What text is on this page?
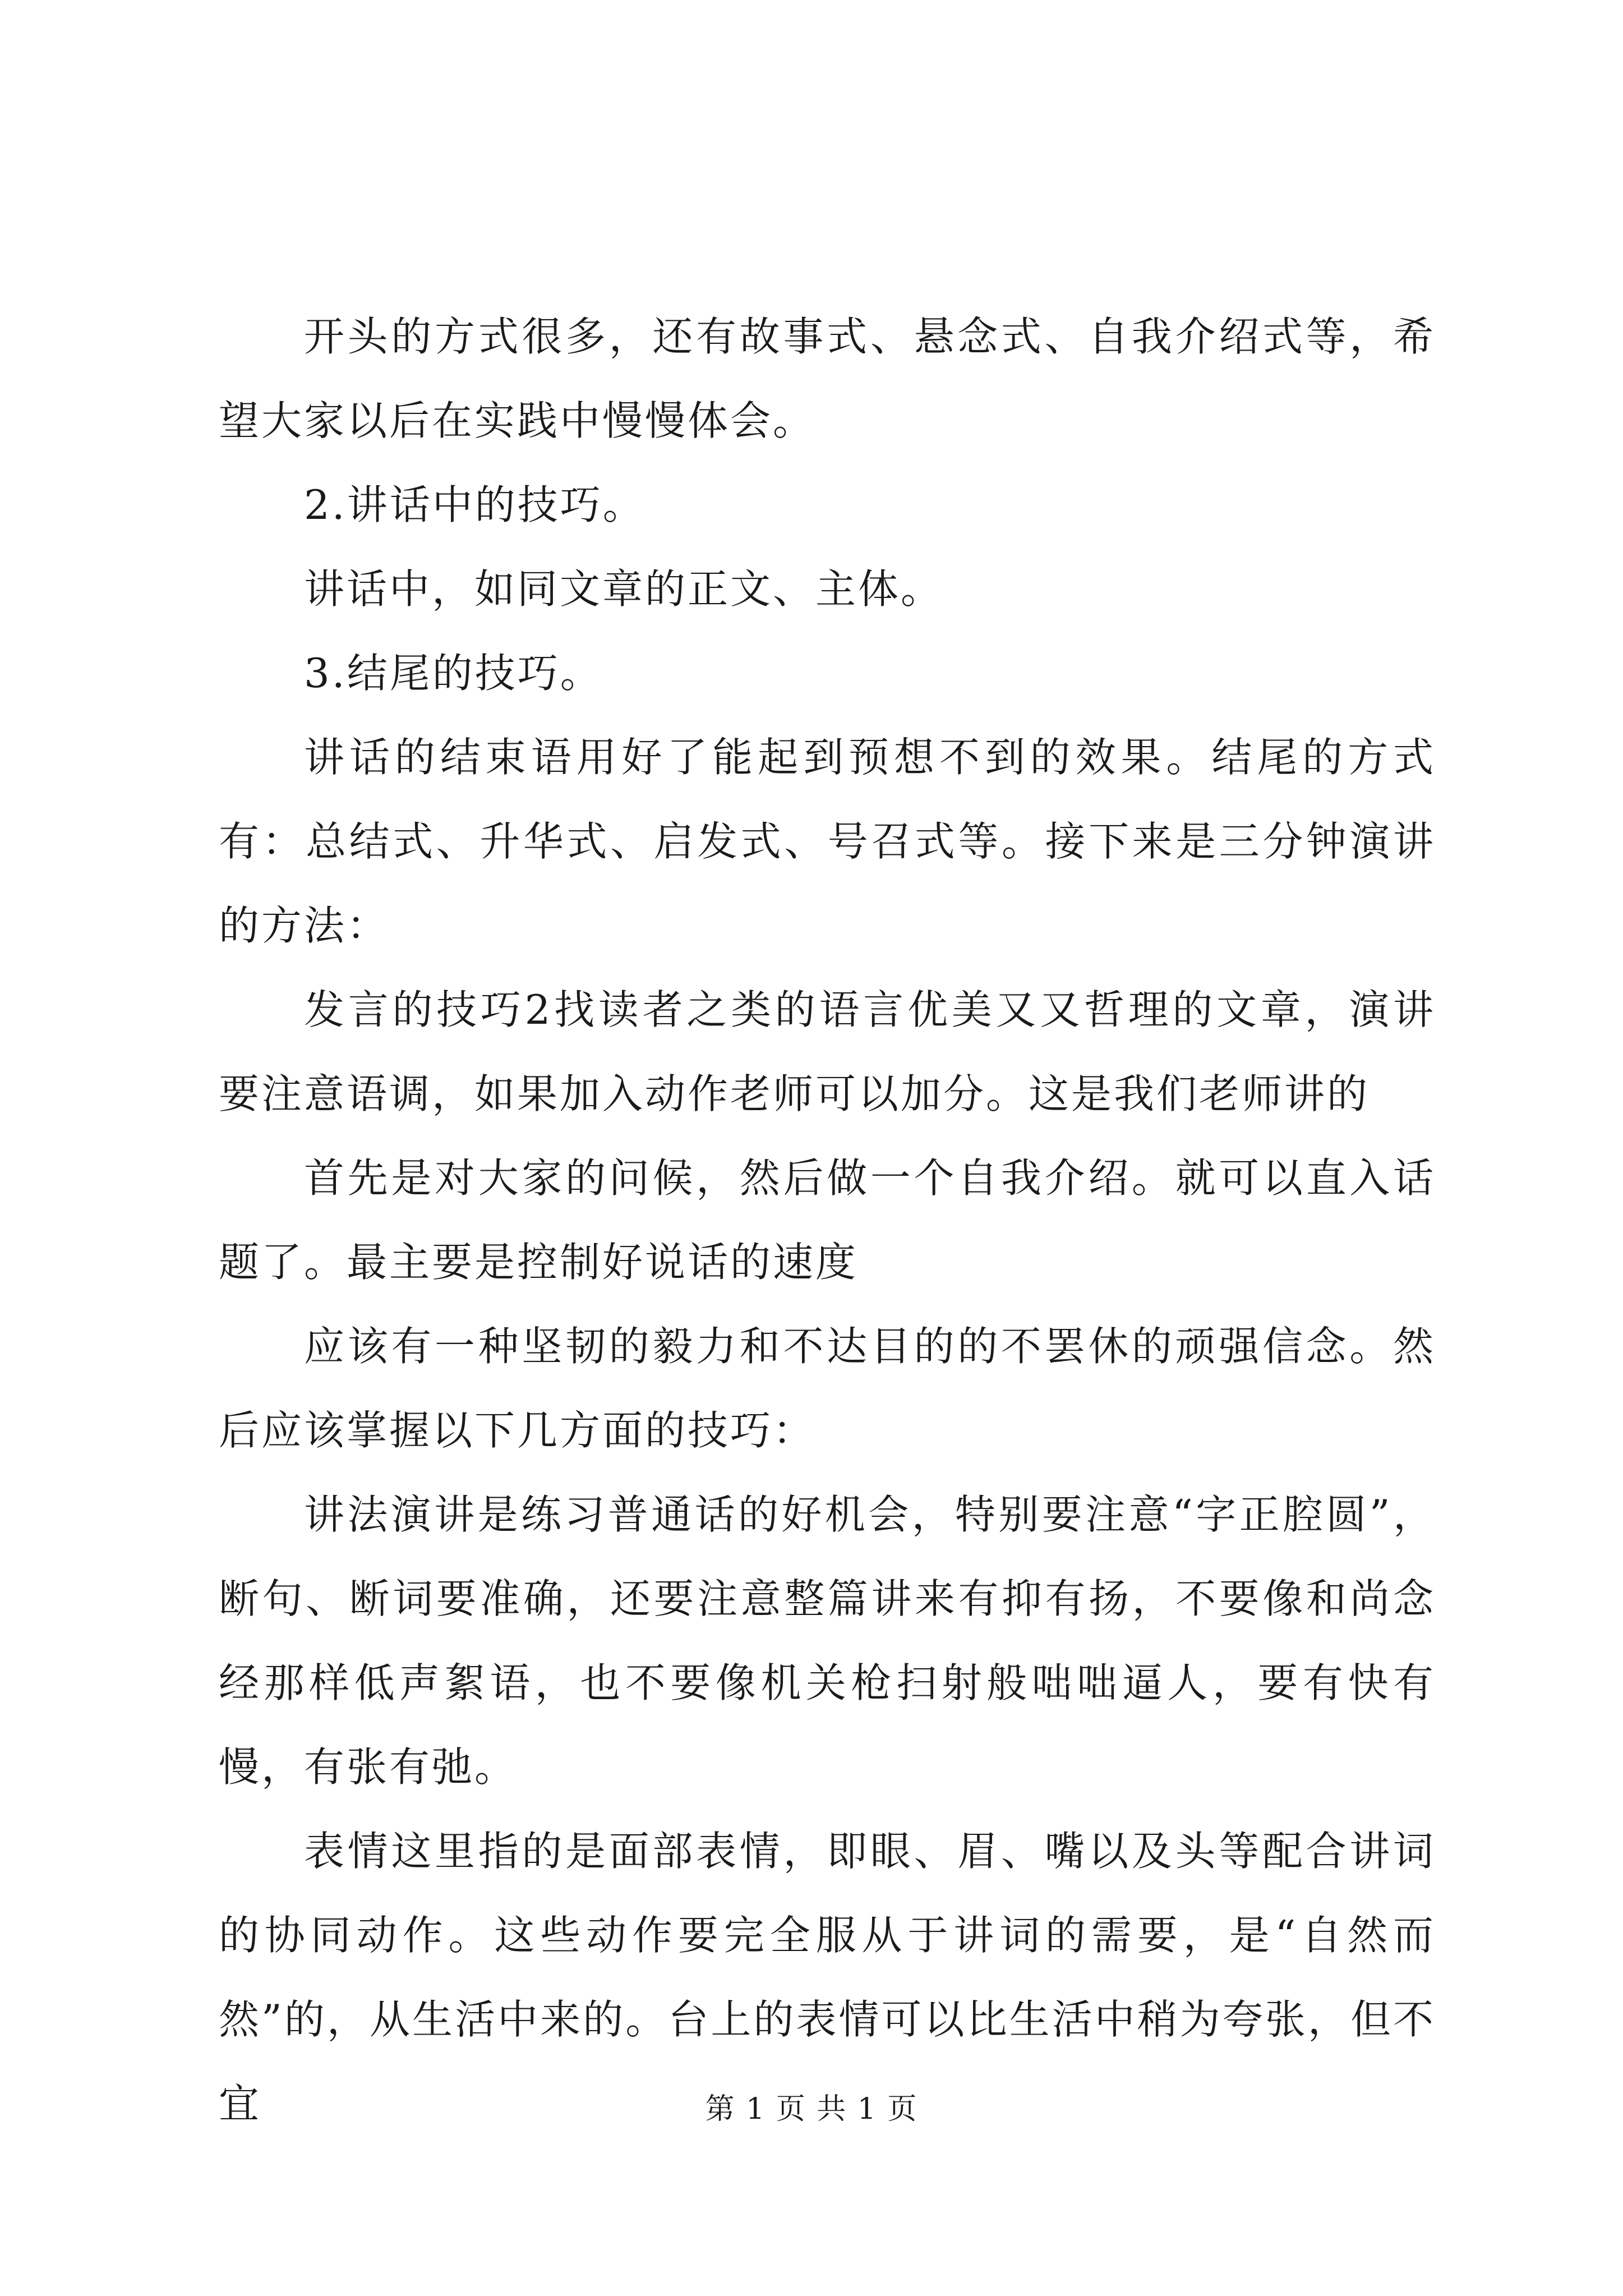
开头的方式很多，还有故事式、悬念式、自我介绍式等，希望大家以后在实践中慢慢体会。

2.讲话中的技巧。

讲话中，如同文章的正文、主体。

3.结尾的技巧。

讲话的结束语用好了能起到预想不到的效果。结尾的方式有：总结式、升华式、启发式、号召式等。接下来是三分钟演讲的方法：

发言的技巧2找读者之类的语言优美又又哲理的文章，演讲要注意语调，如果加入动作老师可以加分。这是我们老师讲的

首先是对大家的问候，然后做一个自我介绍。就可以直入话题了。最主要是控制好说话的速度

应该有一种坚韧的毅力和不达目的的不罢休的顽强信念。然后应该掌握以下几方面的技巧：

讲法演讲是练习普通话的好机会，特别要注意“字正腔圆”，断句、断词要准确，还要注意整篇讲来有抑有扬，不要像和尚念经那样低声絮语，也不要像机关枪扫射般咄咄逼人，要有快有慢，有张有弛。

表情这里指的是面部表情，即眼、眉、嘴以及头等配合讲词的协同动作。这些动作要完全服从于讲词的需要，是“自然而然”的，从生活中来的。台上的表情可以比生活中稍为夸张，但不宜	第 1 页 共 1 页
